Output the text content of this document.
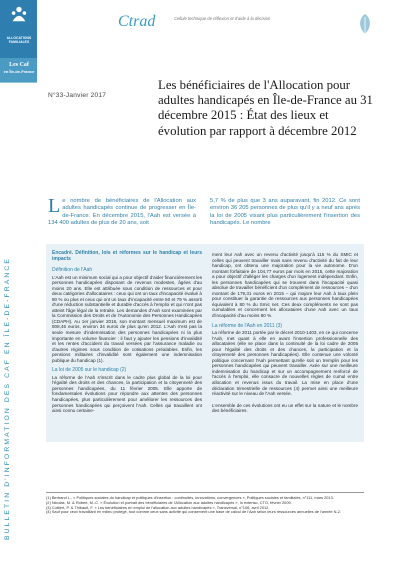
ALLOCATIONS
FAMILIALES
Les Caf
en Île-de-France
BULLETIN D'INFORMATION DES CAF EN ÎLE-DE-FRANCE
Ctrad	Cellule technique de réflexion et d'aide à la décision
N°33-Janvier 2017
Les bénéficiaires de l'Allocation pour adultes handicapés en Île-de-France au 31 décembre 2015 : État des lieux et évolution par rapport à décembre 2012
Le nombre de bénéficiaires de l'Allocation aux adultes handicapés continue de progresser en Île-de-France. En décembre 2015, l'Aah est versée à 134 400 adultes de plus de 20 ans, soit
5,7 % de plus que 3 ans auparavant, fin 2012. Ce sont environ 36 205 personnes de plus qu'il y a neuf ans après la loi de 2005 visant plus particulièrement l'insertion des handicapés. Le nombre

Encadré. Définition, lois et réformes sur le handicap et leurs impacts

Définition de l'Aah

L'Aah est un minimum social qui a pour objectif d'aider financièrement les personnes handicapées disposant de revenus modestes, âgées d'au moins 20 ans. Elle est attribuée sous condition de ressources et pour deux catégories d'allocataires : ceux qui ont un taux d'incapacité évalué à 80 % ou plus et ceux qui ont un taux d'incapacité entre 50 et 79 % assorti d'une réduction substantielle et durable d'accès à l'emploi et qui n'ont pas atteint l'âge légal de la retraite. Les demandes d'Aah sont examinées par la Commission des Droits et de l'Autonomie des Personnes Handicapées (CDAPH). Au 1er janvier 2016, son montant mensuel maximum est de 808,46 euros, environ 34 euros de plus qu'en 2012. L'Aah n'est pas la seule mesure d'indemnisation des personnes handicapées ni la plus importante en volume financier : il faut y ajouter les pensions d'invalidité et les rentes d'accident du travail versées par l'assurance maladie ou d'autres régimes sous condition de cotisations préalables. Enfin, les pensions militaires d'invalidité sont également une indemnisation publique du handicap (1).

La loi de 2005 sur le handicap (2)

La réforme de l'Aah s'inscrit dans le cadre plus global de la loi pour l'égalité des droits et des chances, la participation et la citoyenneté des personnes handicapées, du 11 février 2005. Elle apporte de fondamentales évolutions pour répondre aux attentes des personnes handicapées, plus particulièrement pour améliorer les ressources des personnes handicapées qui perçoivent l'Aah. Celles qui travaillent ont ainsi connu certaine-

ment leur Aah avec un revenu d'activité jusqu'à 115 % du SMIC et celles qui peuvent travailler mais sans revenu d'activité du fait de leur handicap, ont obtenu une majoration pour la vie autonome. D'un montant forfaitaire de 104,77 euros par mois en 2015, cette majoration a pour objectif d'alléger les charges d'un logement indépendant. Enfin, les personnes handicapées qui se trouvent dans l'incapacité quasi absolue de travailler bénéficient d'un complément de ressources – d'un montant de 179,31 euros en 2015 – qui majore leur Aah à taux plein pour constituer la garantie de ressources aux personnes handicapées équivalent à 80 % du Smic net. Ces deux compléments ne sont pas cumulables et concernent les allocataires d'une Aah avec un taux d'incapacité d'au moins 80 %.

La réforme de l'Aah en 2011 (3)

La réforme de 2011 portée par le décret 2010-1403, en ce qui concerne l'Aah, met quant à elle en avant l'insertion professionnelle des allocataires (elle se place dans la continuité de la loi cadre de 2005 pour l'égalité des droits et des chances, la participation et la citoyenneté des personnes handicapées). Elle contenue une volonté politique concernant l'Aah permettant qu'elle soit un tremplin pour les personnes handicapées qui peuvent travailler. Axée sur une meilleure indemnisation du handicap et sur un accompagnement renforcé de l'accès à l'emploi, elle consacre de nouvelles règles de cumul entre allocation et revenus issus du travail. La mise en place d'une déclaration trimestrielle de ressources (4) permet ainsi une meilleure réactivité sur le niveau de l'Aah versée.

L'ensemble de ces évolutions ont eu un effet sur la nature et le nombre des bénéficiaires.

(1) Bertrand L., « Politiques sociales du handicap et politiques d'insertion : continuités, innovations, convergences », Politiques sociales et familiales, n°111, mars 2013.

(2) Nicolas, M. & Robert, M.-C. « Évolution et portrait des bénéficiaires de l'Allocation aux adultes handicapés », In extenso, CTG, février 2009.

(3) Cuttiert, P. & Thibault, F. « Les bénéficiaires en emploi de l'allocation aux adultes handicapés », Transversal, n°106, avril 2012.

(4) Sauf pour ceux travaillant en milieu protégé, tout comme ceux sans activité qui conservent une base de calcul de l'Aah selon leurs ressources annuelles de l'année N-2.
